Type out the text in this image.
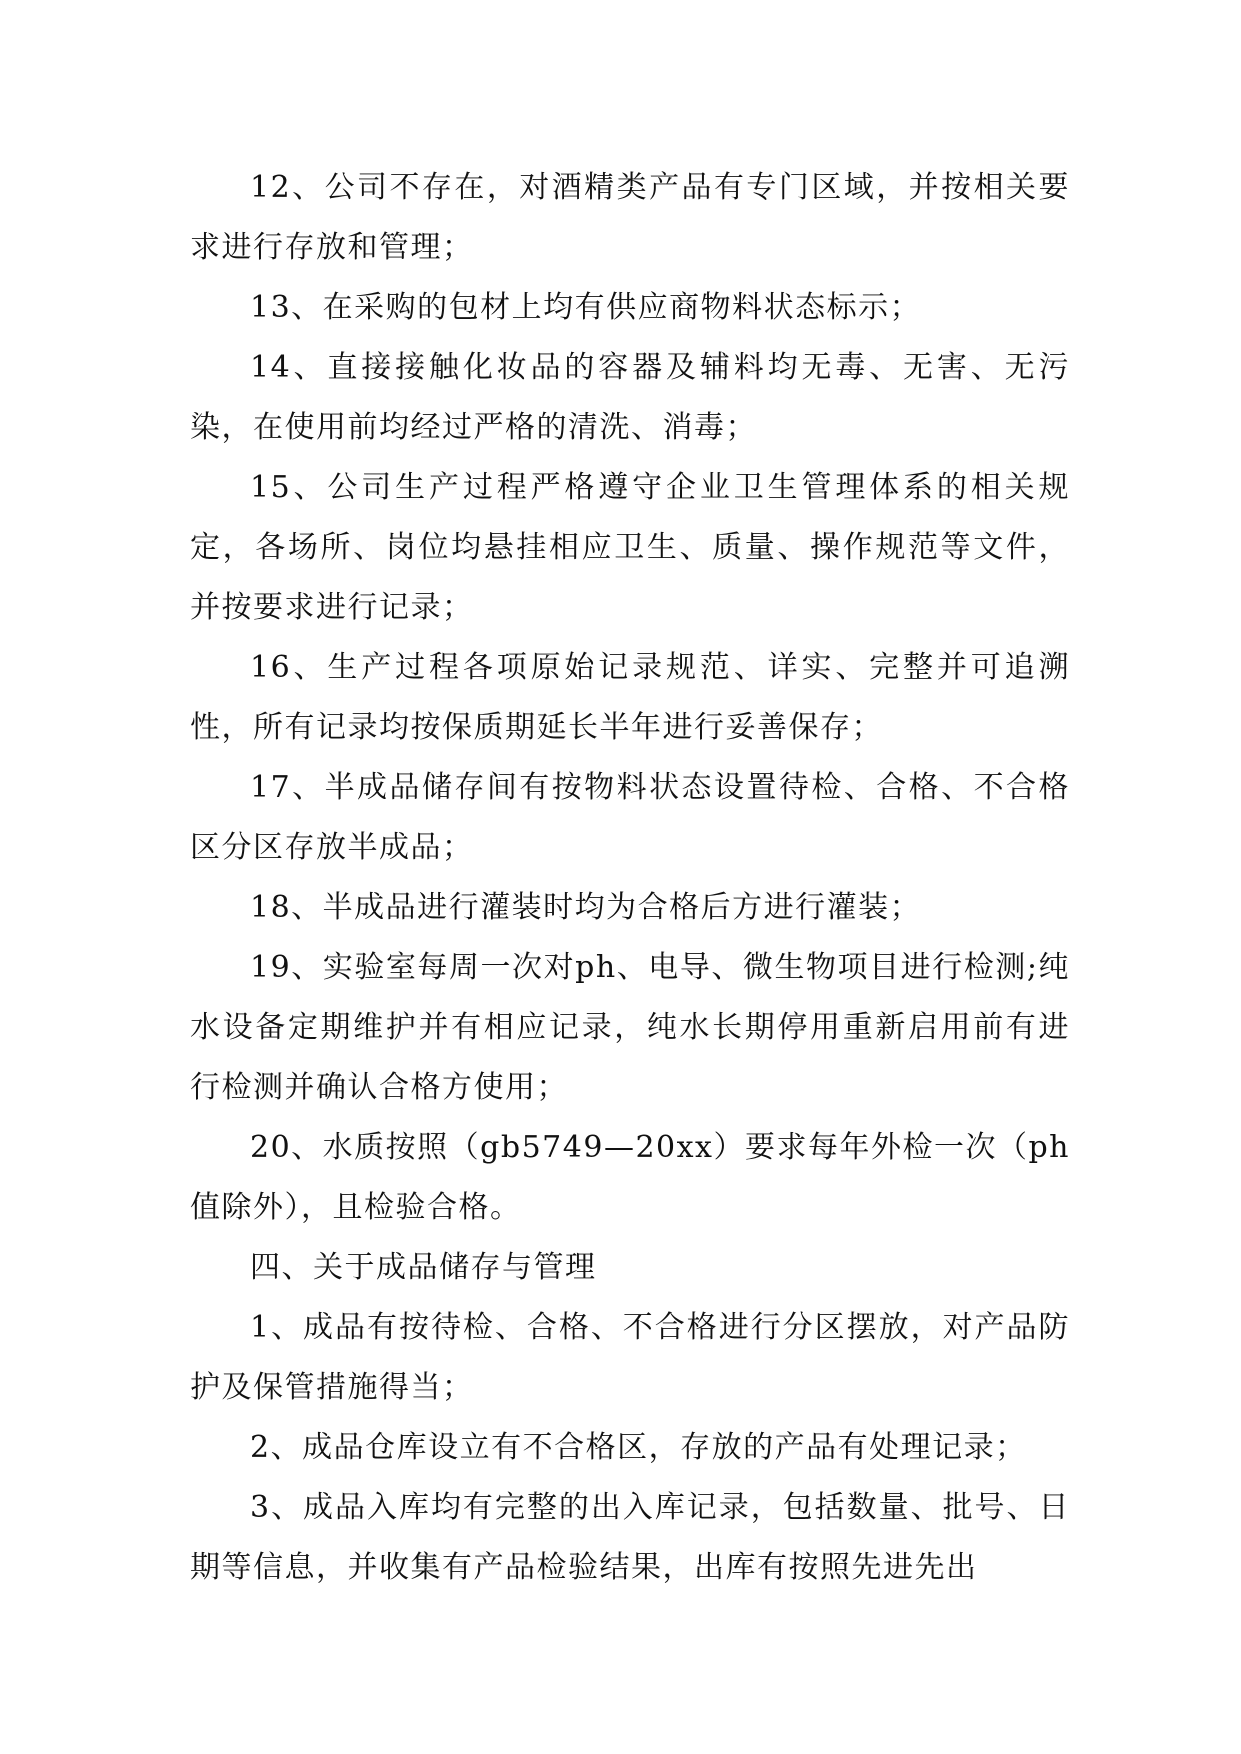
12、公司不存在，对酒精类产品有专门区域，并按相关要求进行存放和管理；

13、在采购的包材上均有供应商物料状态标示；

14、直接接触化妆品的容器及辅料均无毒、无害、无污染，在使用前均经过严格的清洗、消毒；

15、公司生产过程严格遵守企业卫生管理体系的相关规定，各场所、岗位均悬挂相应卫生、质量、操作规范等文件，并按要求进行记录；

16、生产过程各项原始记录规范、详实、完整并可追溯性，所有记录均按保质期延长半年进行妥善保存；

17、半成品储存间有按物料状态设置待检、合格、不合格区分区存放半成品；

18、半成品进行灌装时均为合格后方进行灌装；

19、实验室每周一次对ph、电导、微生物项目进行检测;纯水设备定期维护并有相应记录，纯水长期停用重新启用前有进行检测并确认合格方使用；

20、水质按照（gb5749—20xx）要求每年外检一次（ph值除外），且检验合格。

四、关于成品储存与管理

1、成品有按待检、合格、不合格进行分区摆放，对产品防护及保管措施得当；

2、成品仓库设立有不合格区，存放的产品有处理记录；

3、成品入库均有完整的出入库记录，包括数量、批号、日期等信息，并收集有产品检验结果，出库有按照先进先出
